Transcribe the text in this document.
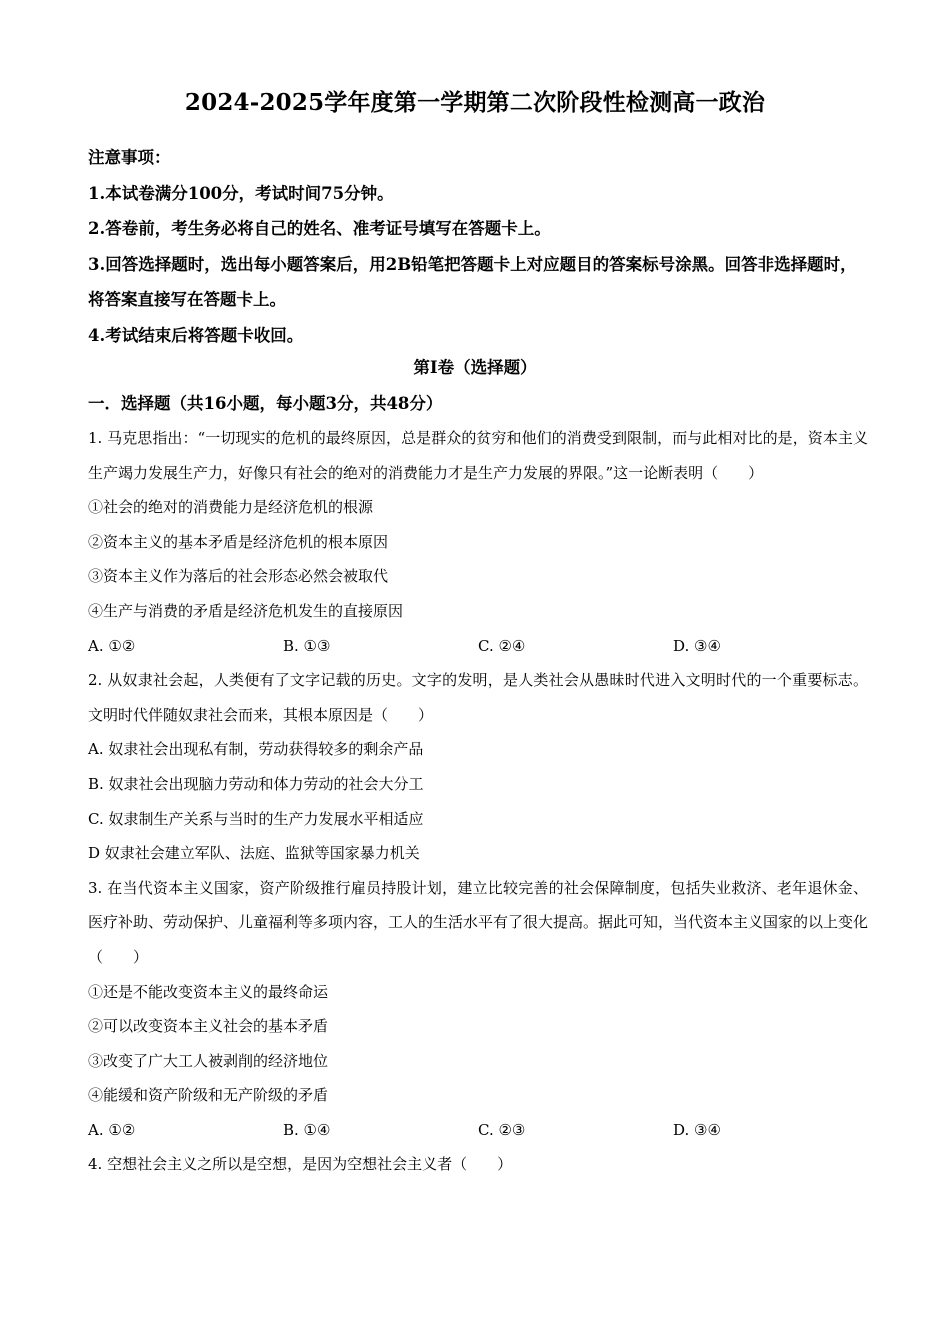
2024-2025学年度第一学期第二次阶段性检测高一政治
注意事项：
1.本试卷满分100分，考试时间75分钟。
2.答卷前，考生务必将自己的姓名、准考证号填写在答题卡上。
3.回答选择题时，选出每小题答案后，用2B铅笔把答题卡上对应题目的答案标号涂黑。回答非选择题时，将答案直接写在答题卡上。
4.考试结束后将答题卡收回。
第Ⅰ卷（选择题）
一．选择题（共16小题，每小题3分，共48分）
1. 马克思指出：“一切现实的危机的最终原因，总是群众的贫穷和他们的消费受到限制，而与此相对比的是，资本主义生产竭力发展生产力，好像只有社会的绝对的消费能力才是生产力发展的界限。”这一论断表明（　　）
①社会的绝对的消费能力是经济危机的根源
②资本主义的基本矛盾是经济危机的根本原因
③资本主义作为落后的社会形态必然会被取代
④生产与消费的矛盾是经济危机发生的直接原因
A. ①②	B. ①③	C. ②④	D. ③④
2. 从奴隶社会起，人类便有了文字记载的历史。文字的发明，是人类社会从愚昧时代进入文明时代的一个重要标志。文明时代伴随奴隶社会而来，其根本原因是（　　）
A. 奴隶社会出现私有制，劳动获得较多的剩余产品
B. 奴隶社会出现脑力劳动和体力劳动的社会大分工
C. 奴隶制生产关系与当时的生产力发展水平相适应
D 奴隶社会建立军队、法庭、监狱等国家暴力机关
3. 在当代资本主义国家，资产阶级推行雇员持股计划，建立比较完善的社会保障制度，包括失业救济、老年退休金、医疗补助、劳动保护、儿童福利等多项内容，工人的生活水平有了很大提高。据此可知，当代资本主义国家的以上变化（　　）
①还是不能改变资本主义的最终命运
②可以改变资本主义社会的基本矛盾
③改变了广大工人被剥削的经济地位
④能缓和资产阶级和无产阶级的矛盾
A. ①②	B. ①④	C. ②③	D. ③④
4. 空想社会主义之所以是空想，是因为空想社会主义者（　　）
